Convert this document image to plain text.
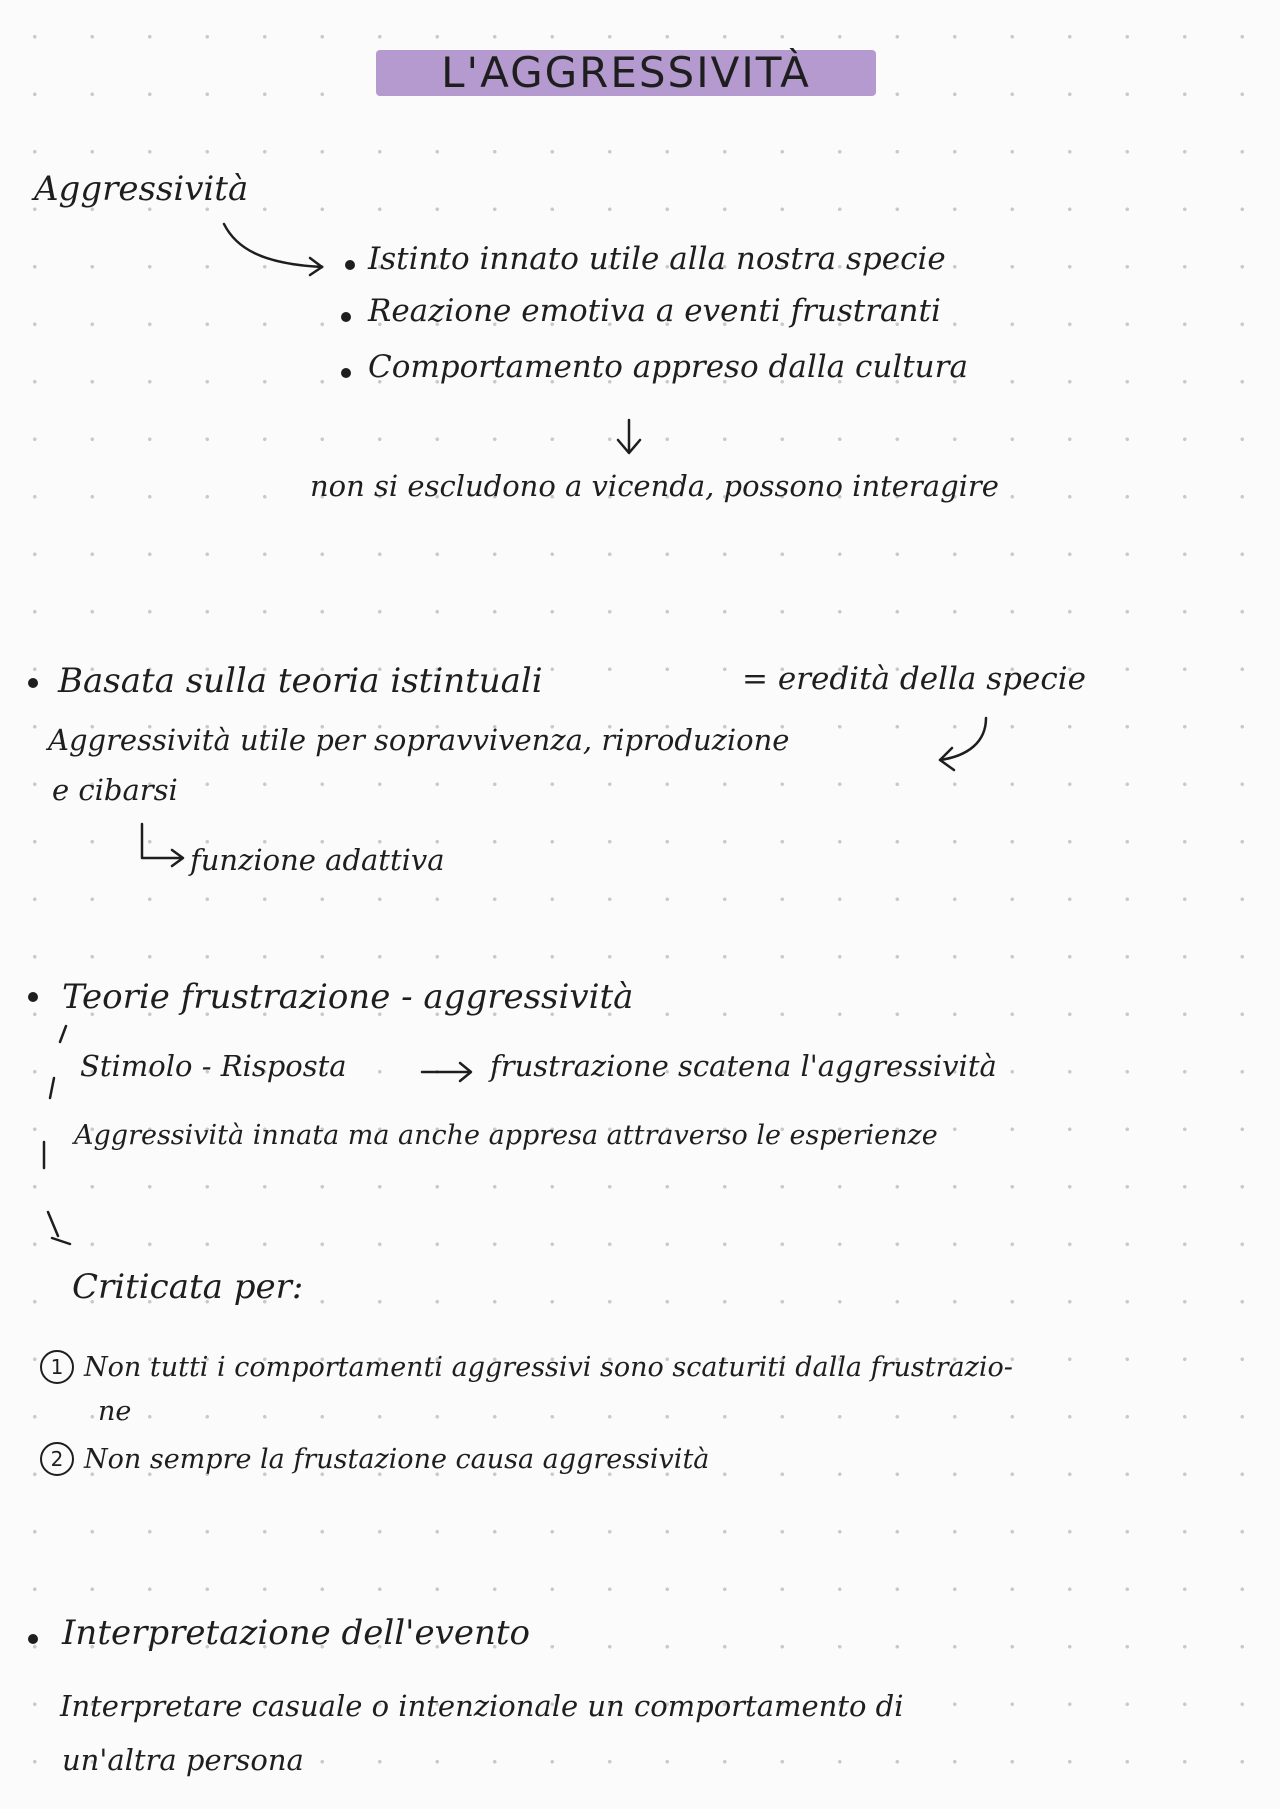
L'AGGRESSIVITÀ
Aggressività
Istinto innato utile alla nostra specie
Reazione emotiva a eventi frustranti
Comportamento appreso dalla cultura
non si escludono a vicenda, possono interagire
Basata sulla teoria istintuali	= eredità della specie
Aggressività utile per sopravvivenza, riproduzione
e cibarsi
funzione adattiva
Teorie frustrazione - aggressività
Stimolo - Risposta	frustrazione scatena l'aggressività
Aggressività innata ma anche appresa attraverso le esperienze
Criticata per:
1 Non tutti i comportamenti aggressivi sono scaturiti dalla frustrazio-
ne
2 Non sempre la frustazione causa aggressività
Interpretazione dell'evento
Interpretare casuale o intenzionale un comportamento di
un'altra persona
